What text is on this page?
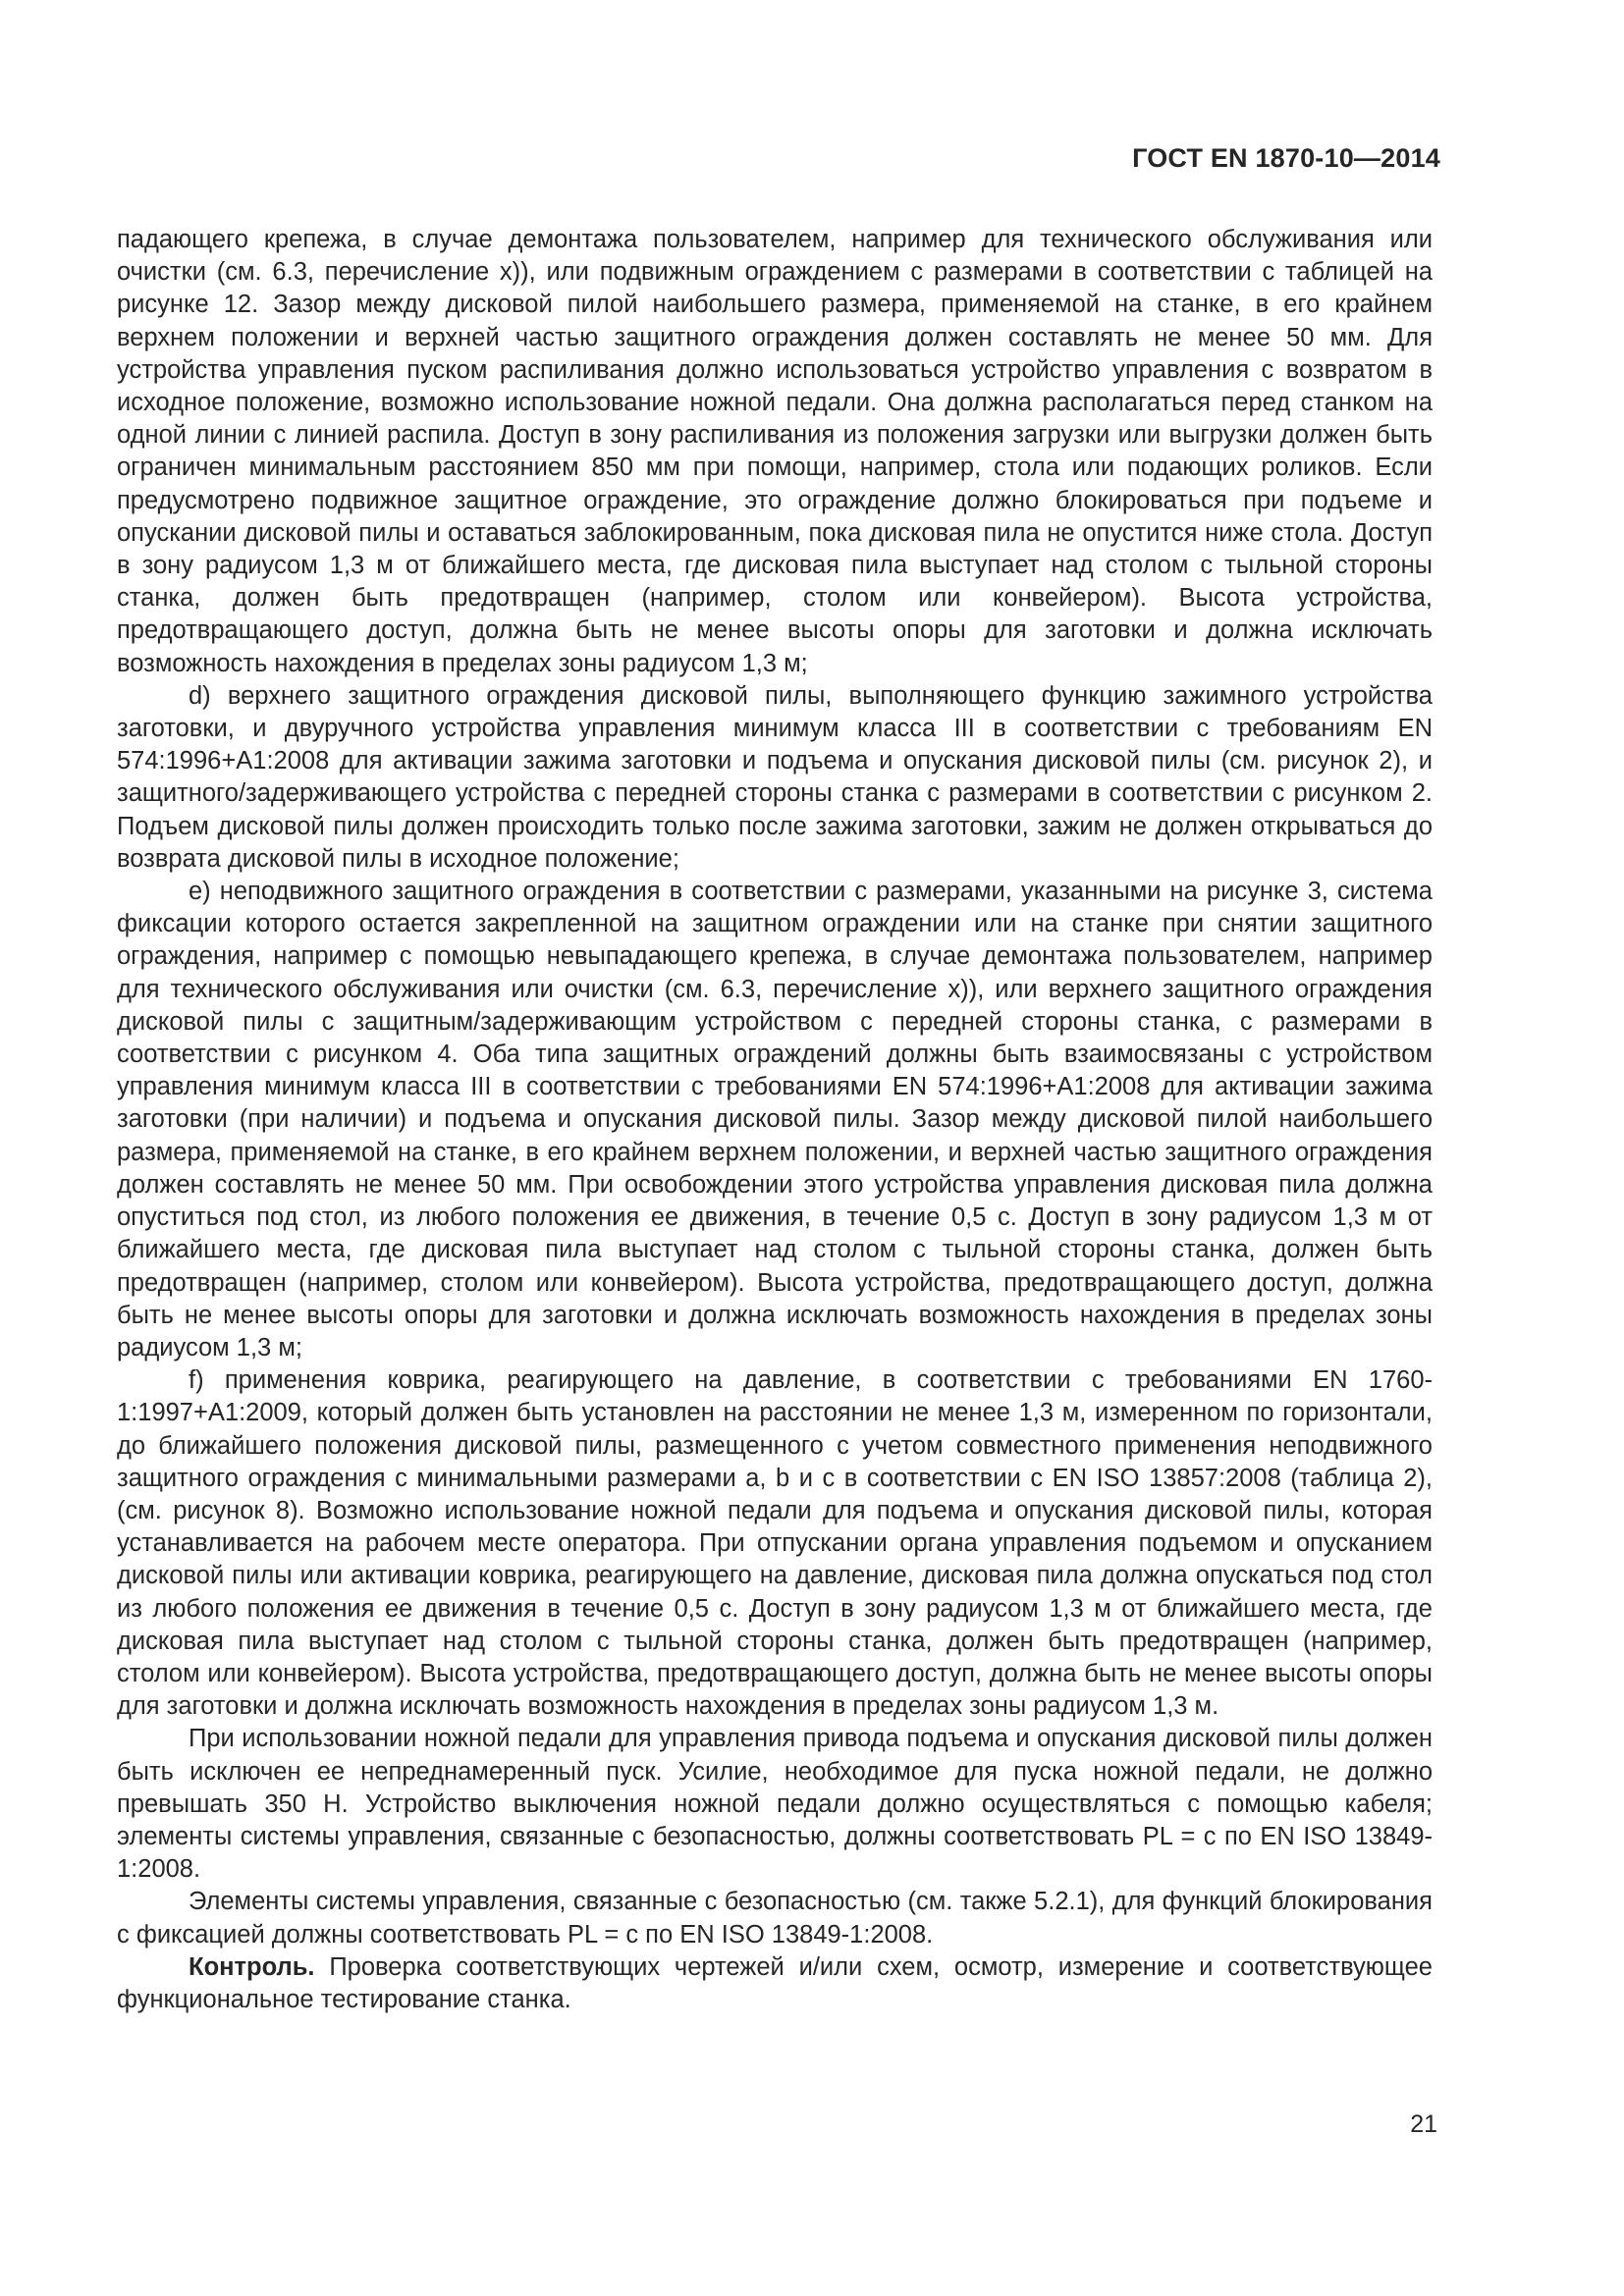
ГОСТ EN 1870-10—2014

падающего крепежа, в случае демонтажа пользователем, например для технического обслуживания или очистки (см. 6.3, перечисление x)), или подвижным ограждением с размерами в соответствии с таблицей на рисунке 12. Зазор между дисковой пилой наибольшего размера, применяемой на станке, в его крайнем верхнем положении и верхней частью защитного ограждения должен составлять не менее 50 мм. Для устройства управления пуском распиливания должно использоваться устройство управления с возвратом в исходное положение, возможно использование ножной педали. Она должна располагаться перед станком на одной линии с линией распила. Доступ в зону распиливания из положения загрузки или выгрузки должен быть ограничен минимальным расстоянием 850 мм при помощи, например, стола или подающих роликов. Если предусмотрено подвижное защитное ограждение, это ограждение должно блокироваться при подъеме и опускании дисковой пилы и оставаться заблокированным, пока дисковая пила не опустится ниже стола. Доступ в зону радиусом 1,3 м от ближайшего места, где дисковая пила выступает над столом с тыльной стороны станка, должен быть предотвращен (например, столом или конвейером). Высота устройства, предотвращающего доступ, должна быть не менее высоты опоры для заготовки и должна исключать возможность нахождения в пределах зоны радиусом 1,3 м;

d) верхнего защитного ограждения дисковой пилы, выполняющего функцию зажимного устройства заготовки, и двуручного устройства управления минимум класса III в соответствии с требованиям EN 574:1996+A1:2008 для активации зажима заготовки и подъема и опускания дисковой пилы (см. рисунок 2), и защитного/задерживающего устройства с передней стороны станка с размерами в соответствии с рисунком 2. Подъем дисковой пилы должен происходить только после зажима заготовки, зажим не должен открываться до возврата дисковой пилы в исходное положение;

e) неподвижного защитного ограждения в соответствии с размерами, указанными на рисунке 3, система фиксации которого остается закрепленной на защитном ограждении или на станке при снятии защитного ограждения, например с помощью невыпадающего крепежа, в случае демонтажа пользователем, например для технического обслуживания или очистки (см. 6.3, перечисление x)), или верхнего защитного ограждения дисковой пилы с защитным/задерживающим устройством с передней стороны станка, с размерами в соответствии с рисунком 4. Оба типа защитных ограждений должны быть взаимосвязаны с устройством управления минимум класса III в соответствии с требованиями EN 574:1996+A1:2008 для активации зажима заготовки (при наличии) и подъема и опускания дисковой пилы. Зазор между дисковой пилой наибольшего размера, применяемой на станке, в его крайнем верхнем положении, и верхней частью защитного ограждения должен составлять не менее 50 мм. При освобождении этого устройства управления дисковая пила должна опуститься под стол, из любого положения ее движения, в течение 0,5 с. Доступ в зону радиусом 1,3 м от ближайшего места, где дисковая пила выступает над столом с тыльной стороны станка, должен быть предотвращен (например, столом или конвейером). Высота устройства, предотвращающего доступ, должна быть не менее высоты опоры для заготовки и должна исключать возможность нахождения в пределах зоны радиусом 1,3 м;

f) применения коврика, реагирующего на давление, в соответствии с требованиями EN 1760-1:1997+A1:2009, который должен быть установлен на расстоянии не менее 1,3 м, измеренном по горизонтали, до ближайшего положения дисковой пилы, размещенного с учетом совместного применения неподвижного защитного ограждения с минимальными размерами a, b и c в соответствии с EN ISO 13857:2008 (таблица 2), (см. рисунок 8). Возможно использование ножной педали для подъема и опускания дисковой пилы, которая устанавливается на рабочем месте оператора. При отпускании органа управления подъемом и опусканием дисковой пилы или активации коврика, реагирующего на давление, дисковая пила должна опускаться под стол из любого положения ее движения в течение 0,5 с. Доступ в зону радиусом 1,3 м от ближайшего места, где дисковая пила выступает над столом с тыльной стороны станка, должен быть предотвращен (например, столом или конвейером). Высота устройства, предотвращающего доступ, должна быть не менее высоты опоры для заготовки и должна исключать возможность нахождения в пределах зоны радиусом 1,3 м.

При использовании ножной педали для управления привода подъема и опускания дисковой пилы должен быть исключен ее непреднамеренный пуск. Усилие, необходимое для пуска ножной педали, не должно превышать 350 Н. Устройство выключения ножной педали должно осуществляться с помощью кабеля; элементы системы управления, связанные с безопасностью, должны соответствовать PL = c по EN ISO 13849-1:2008.

Элементы системы управления, связанные с безопасностью (см. также 5.2.1), для функций блокирования с фиксацией должны соответствовать PL = c по EN ISO 13849-1:2008.

Контроль. Проверка соответствующих чертежей и/или схем, осмотр, измерение и соответствующее функциональное тестирование станка.

21
